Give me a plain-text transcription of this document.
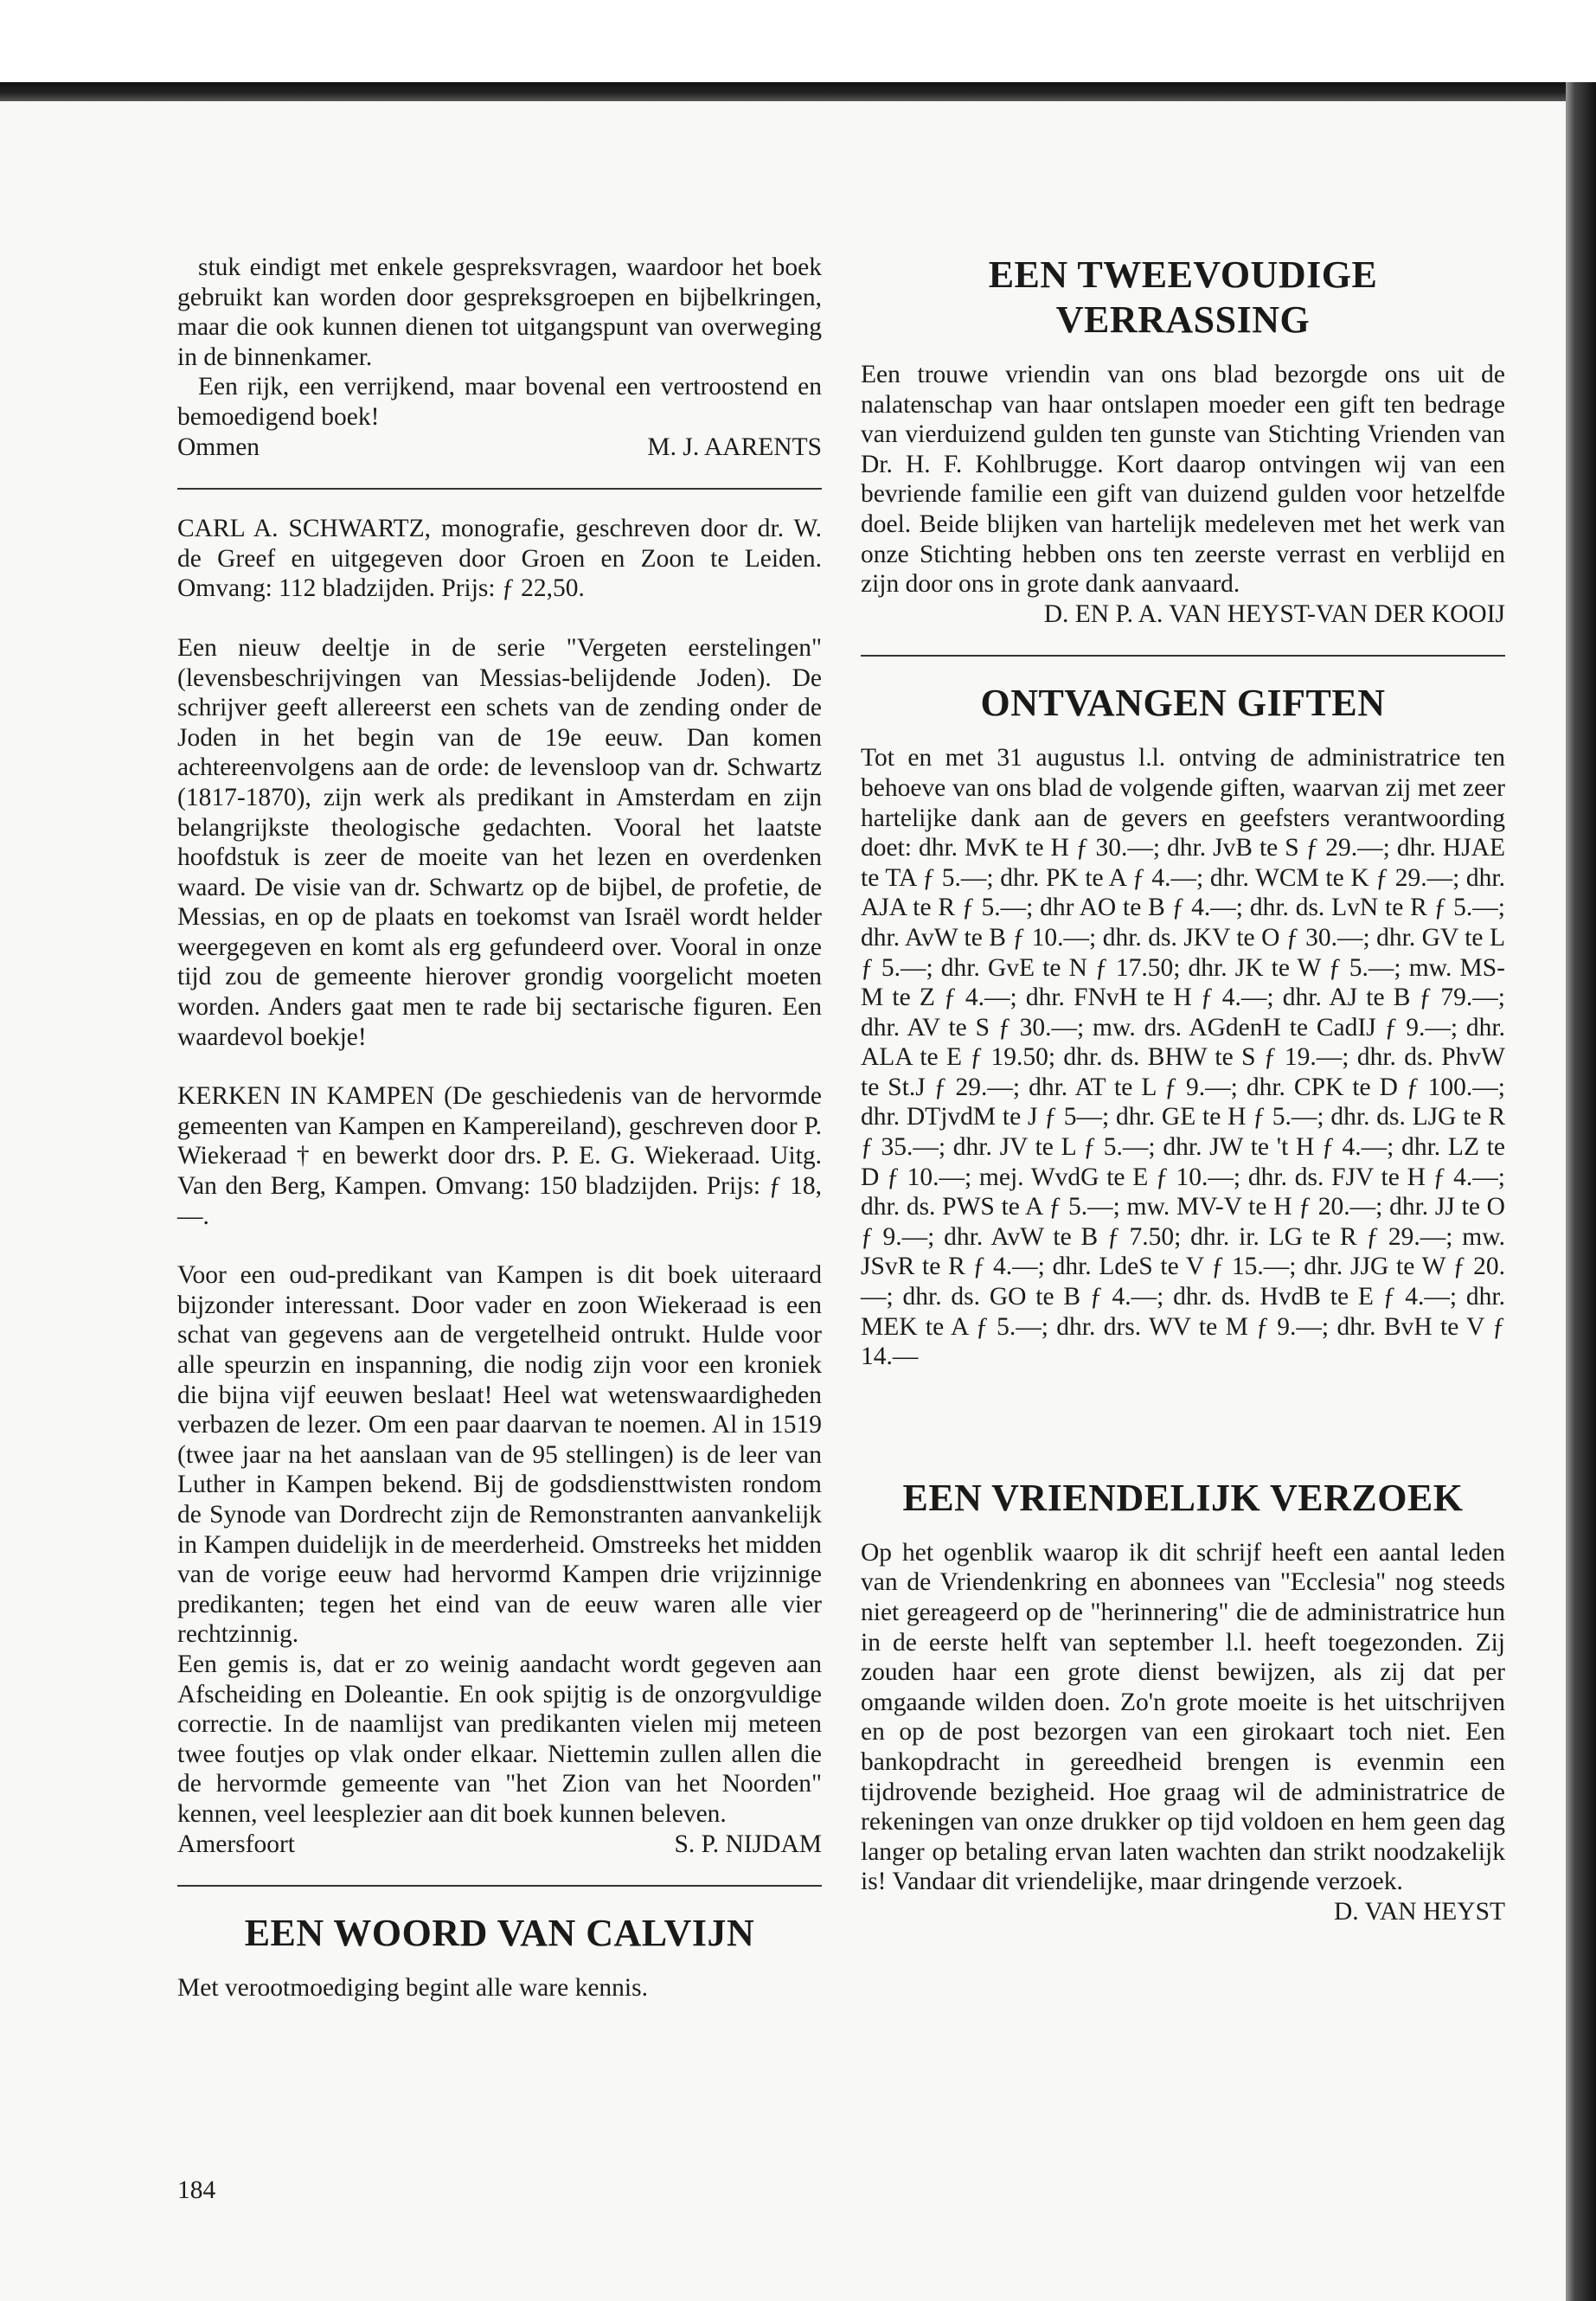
stuk eindigt met enkele gespreksvragen, waardoor het boek gebruikt kan worden door gespreksgroepen en bijbelkringen, maar die ook kunnen dienen tot uitgangspunt van overweging in de binnenkamer.

Een rijk, een verrijkend, maar bovenal een vertroostend en bemoedigend boek!

Ommen	M. J. AARENTS

CARL A. SCHWARTZ, monografie, geschreven door dr. W. de Greef en uitgegeven door Groen en Zoon te Leiden. Omvang: 112 bladzijden. Prijs: ƒ 22,50.

Een nieuw deeltje in de serie "Vergeten eerstelingen" (levensbeschrijvingen van Messias-belijdende Joden). De schrijver geeft allereerst een schets van de zending onder de Joden in het begin van de 19e eeuw. Dan komen achtereenvolgens aan de orde: de levensloop van dr. Schwartz (1817-1870), zijn werk als predikant in Amsterdam en zijn belangrijkste theologische gedachten. Vooral het laatste hoofdstuk is zeer de moeite van het lezen en overdenken waard. De visie van dr. Schwartz op de bijbel, de profetie, de Messias, en op de plaats en toekomst van Israël wordt helder weergegeven en komt als erg gefundeerd over. Vooral in onze tijd zou de gemeente hierover grondig voorgelicht moeten worden. Anders gaat men te rade bij sectarische figuren. Een waardevol boekje!

KERKEN IN KAMPEN (De geschiedenis van de hervormde gemeenten van Kampen en Kampereiland), geschreven door P. Wiekeraad † en bewerkt door drs. P. E. G. Wiekeraad. Uitg. Van den Berg, Kampen. Omvang: 150 bladzijden. Prijs: ƒ 18,—.

Voor een oud-predikant van Kampen is dit boek uiteraard bijzonder interessant. Door vader en zoon Wiekeraad is een schat van gegevens aan de vergetelheid ontrukt. Hulde voor alle speurzin en inspanning, die nodig zijn voor een kroniek die bijna vijf eeuwen beslaat! Heel wat wetenswaardigheden verbazen de lezer. Om een paar daarvan te noemen. Al in 1519 (twee jaar na het aanslaan van de 95 stellingen) is de leer van Luther in Kampen bekend. Bij de godsdiensttwisten rondom de Synode van Dordrecht zijn de Remonstranten aanvankelijk in Kampen duidelijk in de meerderheid. Omstreeks het midden van de vorige eeuw had hervormd Kampen drie vrijzinnige predikanten; tegen het eind van de eeuw waren alle vier rechtzinnig.

Een gemis is, dat er zo weinig aandacht wordt gegeven aan Afscheiding en Doleantie. En ook spijtig is de onzorgvuldige correctie. In de naamlijst van predikanten vielen mij meteen twee foutjes op vlak onder elkaar. Niettemin zullen allen die de hervormde gemeente van "het Zion van het Noorden" kennen, veel leesplezier aan dit boek kunnen beleven.

Amersfoort	S. P. NIJDAM
EEN WOORD VAN CALVIJN

Met verootmoediging begint alle ware kennis.

EEN TWEEVOUDIGE VERRASSING

Een trouwe vriendin van ons blad bezorgde ons uit de nalatenschap van haar ontslapen moeder een gift ten bedrage van vierduizend gulden ten gunste van Stichting Vrienden van Dr. H. F. Kohlbrugge. Kort daarop ontvingen wij van een bevriende familie een gift van duizend gulden voor hetzelfde doel. Beide blijken van hartelijk medeleven met het werk van onze Stichting hebben ons ten zeerste verrast en verblijd en zijn door ons in grote dank aanvaard.

D. EN P. A. VAN HEYST-VAN DER KOOIJ
ONTVANGEN GIFTEN

Tot en met 31 augustus l.l. ontving de administratrice ten behoeve van ons blad de volgende giften, waarvan zij met zeer hartelijke dank aan de gevers en geefsters verantwoording doet: dhr. MvK te H ƒ 30.—; dhr. JvB te S ƒ 29.—; dhr. HJAE te TA ƒ 5.—; dhr. PK te A ƒ 4.—; dhr. WCM te K ƒ 29.—; dhr. AJA te R ƒ 5.—; dhr AO te B ƒ 4.—; dhr. ds. LvN te R ƒ 5.—; dhr. AvW te B ƒ 10.—; dhr. ds. JKV te O ƒ 30.—; dhr. GV te L ƒ 5.—; dhr. GvE te N ƒ 17.50; dhr. JK te W ƒ 5.—; mw. MS-M te Z ƒ 4.—; dhr. FNvH te H ƒ 4.—; dhr. AJ te B ƒ 79.—; dhr. AV te S ƒ 30.—; mw. drs. AGdenH te CadIJ ƒ 9.—; dhr. ALA te E ƒ 19.50; dhr. ds. BHW te S ƒ 19.—; dhr. ds. PhvW te St.J ƒ 29.—; dhr. AT te L ƒ 9.—; dhr. CPK te D ƒ 100.—; dhr. DTjvdM te J ƒ 5—; dhr. GE te H ƒ 5.—; dhr. ds. LJG te R ƒ 35.—; dhr. JV te L ƒ 5.—; dhr. JW te 't H ƒ 4.—; dhr. LZ te D ƒ 10.—; mej. WvdG te E ƒ 10.—; dhr. ds. FJV te H ƒ 4.—; dhr. ds. PWS te A ƒ 5.—; mw. MV-V te H ƒ 20.—; dhr. JJ te O ƒ 9.—; dhr. AvW te B ƒ 7.50; dhr. ir. LG te R ƒ 29.—; mw. JSvR te R ƒ 4.—; dhr. LdeS te V ƒ 15.—; dhr. JJG te W ƒ 20.—; dhr. ds. GO te B ƒ 4.—; dhr. ds. HvdB te E ƒ 4.—; dhr. MEK te A ƒ 5.—; dhr. drs. WV te M ƒ 9.—; dhr. BvH te V ƒ 14.—

EEN VRIENDELIJK VERZOEK

Op het ogenblik waarop ik dit schrijf heeft een aantal leden van de Vriendenkring en abonnees van "Ecclesia" nog steeds niet gereageerd op de "herinnering" die de administratrice hun in de eerste helft van september l.l. heeft toegezonden. Zij zouden haar een grote dienst bewijzen, als zij dat per omgaande wilden doen. Zo'n grote moeite is het uitschrijven en op de post bezorgen van een girokaart toch niet. Een bankopdracht in gereedheid brengen is evenmin een tijdrovende bezigheid. Hoe graag wil de administratrice de rekeningen van onze drukker op tijd voldoen en hem geen dag langer op betaling ervan laten wachten dan strikt noodzakelijk is! Vandaar dit vriendelijke, maar dringende verzoek.

D. VAN HEYST
184
